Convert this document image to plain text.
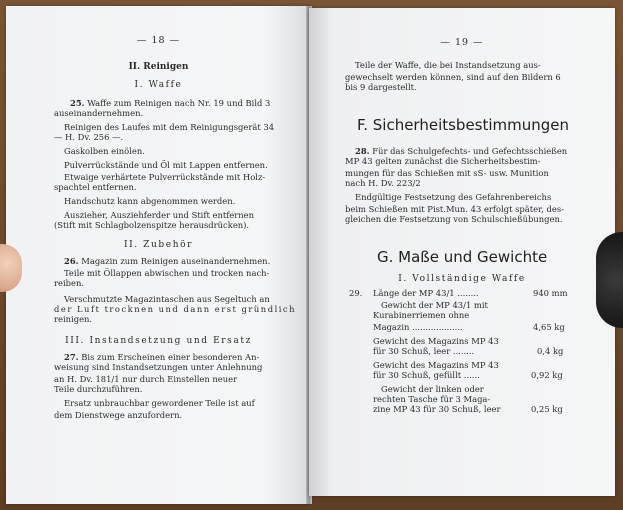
— 18 —
II. Reinigen
I. Waffe
25. Waffe zum Reinigen nach Nr. 19 und Bild 3
auseinandernehmen.
Reinigen des Laufes mit dem Reinigungsgerät 34
— H. Dv. 256 —.
Gaskolben einölen.
Pulverrückstände und Öl mit Lappen entfernen.
Etwaige verhärtete Pulverrückstände mit Holz-
spachtel entfernen.
Handschutz kann abgenommen werden.
Auszieher, Ausziehferder und Stift entfernen
(Stift mit Schlagbolzenspitze herausdrücken).
II. Zubehör
26. Magazin zum Reinigen auseinandernehmen.
Teile mit Öllappen abwischen und trocken nach-
reiben.
Verschmutzte Magazintaschen aus Segeltuch an
der Luft trocknen und dann erst gründlich
reinigen.
III. Instandsetzung und Ersatz
27. Bis zum Erscheinen einer besonderen An-
weisung sind Instandsetzungen unter Anlehnung
an H. Dv. 181/1 nur durch Einstellen neuer
Teile durchzuführen.
Ersatz unbrauchbar gewordener Teile ist auf
dem Dienstwege anzufordern.
— 19 —
Teile der Waffe, die bei Instandsetzung aus-
gewechselt werden können, sind auf den Bildern 6
bis 9 dargestellt.
F. Sicherheitsbestimmungen
28. Für das Schulgefechts- und Gefechtsschießen
MP 43 gelten zunächst die Sicherheitsbestim-
mungen für das Schießen mit sS- usw. Munition
nach H. Dv. 223/2
Endgültige Festsetzung des Gefahrenbereichs
beim Schießen mit Pist.Mun. 43 erfolgt später, des-
gleichen die Festsetzung von Schulschießübungen.
G. Maße und Gewichte
I. Vollständige Waffe
29. Länge der MP 43/1 ........	940 mm
Gewicht der MP 43/1 mit
Kurabinerriemen ohne
Magazin ...................	4,65 kg
Gewicht des Magazins MP 43
für 30 Schuß, leer ........	0,4 kg
Gewicht des Magazins MP 43
für 30 Schuß, gefüllt ......	0,92 kg
Gewicht der linken oder
rechten Tasche für 3 Maga-
zine MP 43 für 30 Schuß, leer	0,25 kg
